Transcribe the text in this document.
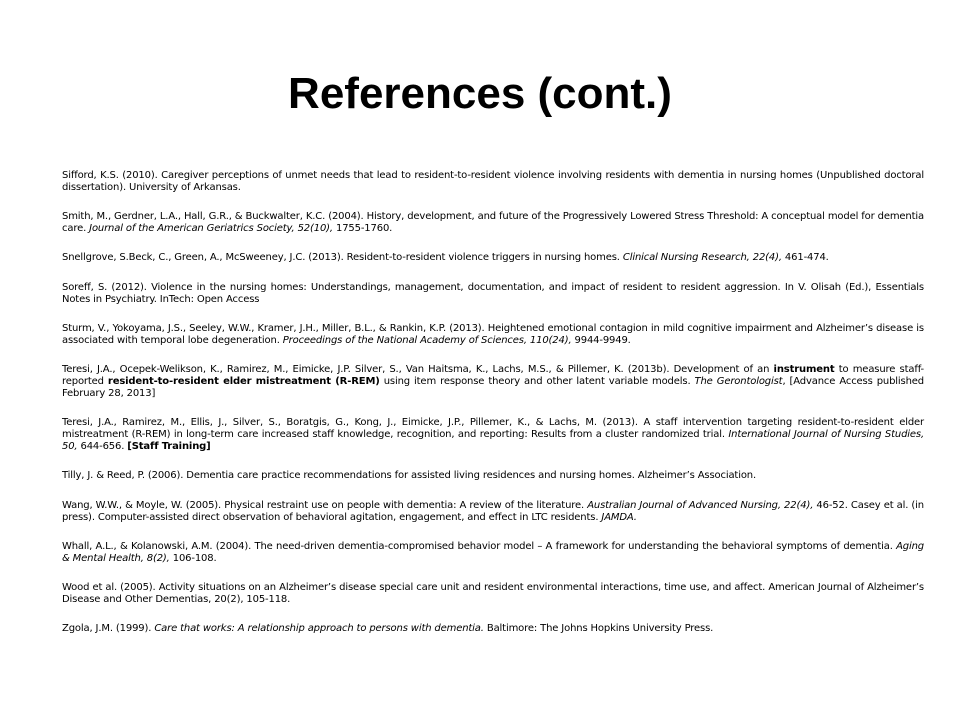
References (cont.)

Sifford, K.S. (2010). Caregiver perceptions of unmet needs that lead to resident-to-resident violence involving residents with dementia in nursing homes (Unpublished doctoral dissertation). University of Arkansas.

Smith, M., Gerdner, L.A., Hall, G.R., & Buckwalter, K.C. (2004). History, development, and future of the Progressively Lowered Stress Threshold: A conceptual model for dementia care. Journal of the American Geriatrics Society, 52(10), 1755-1760.

Snellgrove, S.Beck, C., Green, A., McSweeney, J.C. (2013). Resident-to-resident violence triggers in nursing homes. Clinical Nursing Research, 22(4), 461-474.

Soreff, S. (2012). Violence in the nursing homes: Understandings, management, documentation, and impact of resident to resident aggression. In V. Olisah (Ed.), Essentials Notes in Psychiatry. InTech: Open Access

Sturm, V., Yokoyama, J.S., Seeley, W.W., Kramer, J.H., Miller, B.L., & Rankin, K.P. (2013). Heightened emotional contagion in mild cognitive impairment and Alzheimer’s disease is associated with temporal lobe degeneration. Proceedings of the National Academy of Sciences, 110(24), 9944-9949.

Teresi, J.A., Ocepek-Welikson, K., Ramirez, M., Eimicke, J.P. Silver, S., Van Haitsma, K., Lachs, M.S., & Pillemer, K. (2013b). Development of an instrument to measure staff-reported resident-to-resident elder mistreatment (R-REM) using item response theory and other latent variable models. The Gerontologist, [Advance Access published February 28, 2013]

Teresi, J.A., Ramirez, M., Ellis, J., Silver, S., Boratgis, G., Kong, J., Eimicke, J.P., Pillemer, K., & Lachs, M. (2013). A staff intervention targeting resident-to-resident elder mistreatment (R-REM) in long-term care increased staff knowledge, recognition, and reporting: Results from a cluster randomized trial. International Journal of Nursing Studies, 50, 644-656. [Staff Training]

Tilly, J. & Reed, P. (2006). Dementia care practice recommendations for assisted living residences and nursing homes. Alzheimer’s Association.

Wang, W.W., & Moyle, W. (2005). Physical restraint use on people with dementia: A review of the literature. Australian Journal of Advanced Nursing, 22(4), 46-52. Casey et al. (in press). Computer-assisted direct observation of behavioral agitation, engagement, and effect in LTC residents. JAMDA.

Whall, A.L., & Kolanowski, A.M. (2004). The need-driven dementia-compromised behavior model – A framework for understanding the behavioral symptoms of dementia. Aging & Mental Health, 8(2), 106-108.

Wood et al. (2005). Activity situations on an Alzheimer’s disease special care unit and resident environmental interactions, time use, and affect. American Journal of Alzheimer’s Disease and Other Dementias, 20(2), 105-118.

Zgola, J.M. (1999). Care that works: A relationship approach to persons with dementia. Baltimore: The Johns Hopkins University Press.
